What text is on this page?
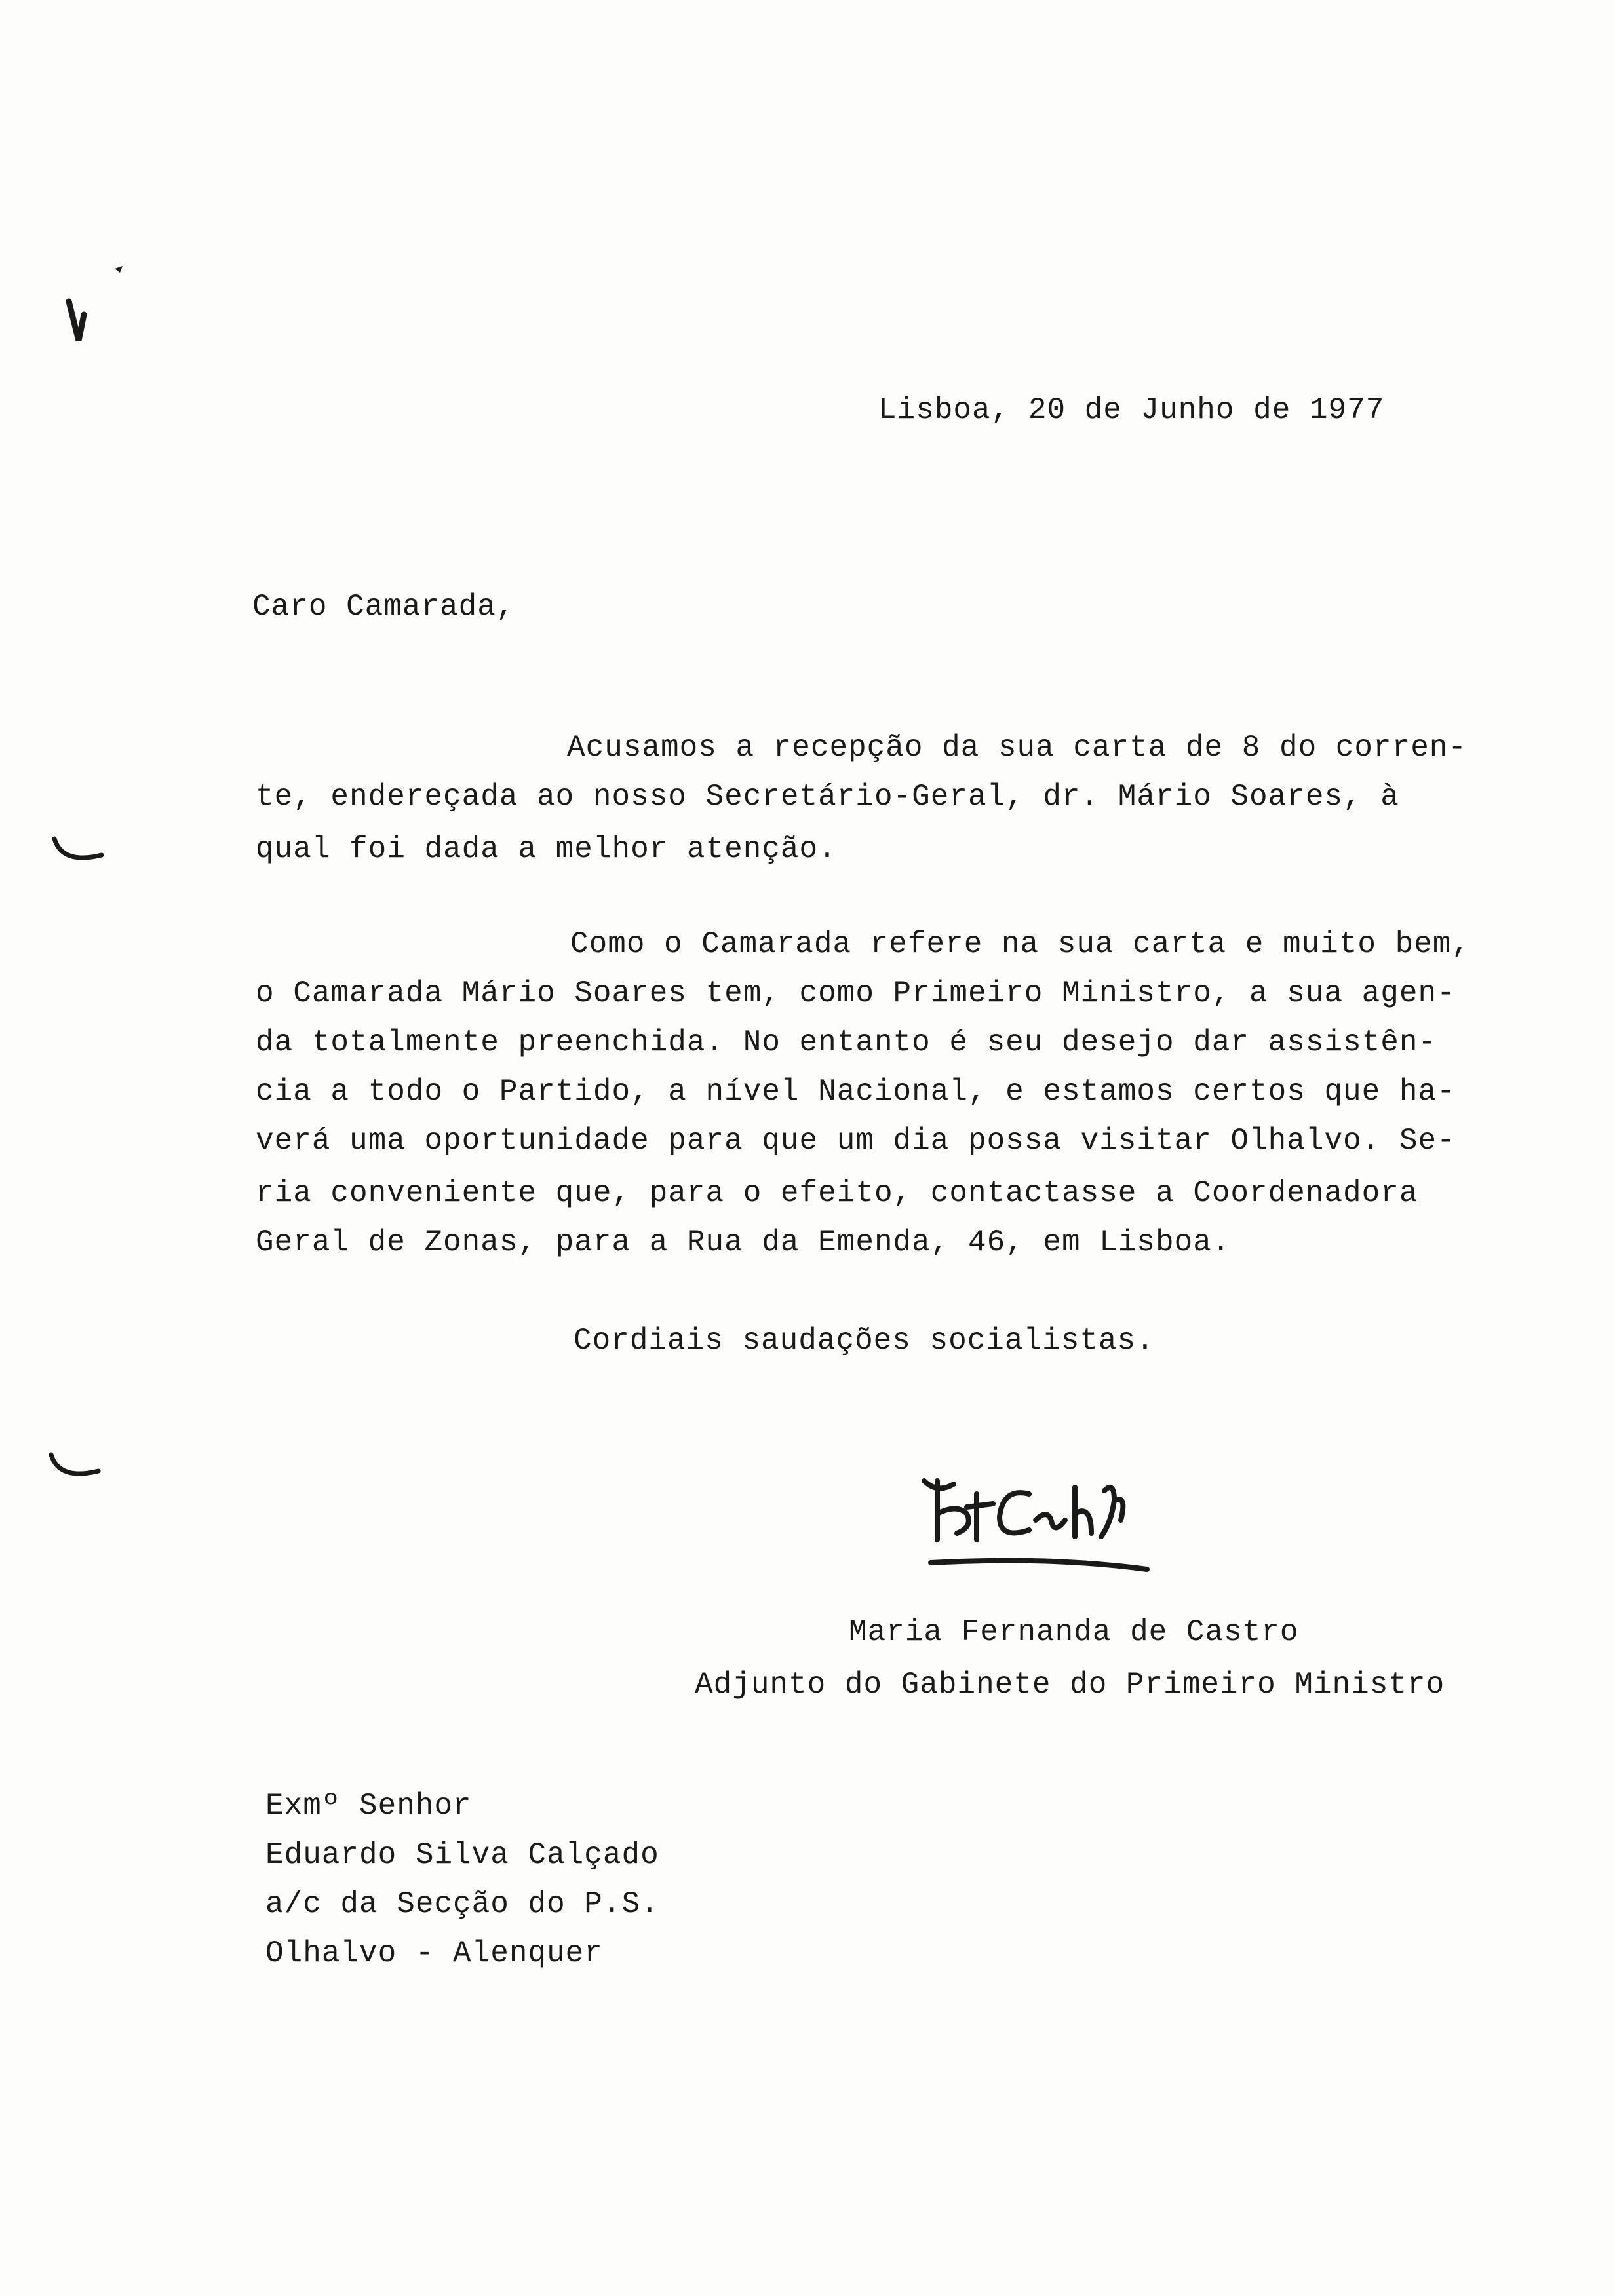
Lisboa, 20 de Junho de 1977
Caro Camarada,
Acusamos a recepção da sua carta de 8 do corren-
te, endereçada ao nosso Secretário-Geral, dr. Mário Soares, à
qual foi dada a melhor atenção.
Como o Camarada refere na sua carta e muito bem,
o Camarada Mário Soares tem, como Primeiro Ministro, a sua agen-
da totalmente preenchida. No entanto é seu desejo dar assistên-
cia a todo o Partido, a nível Nacional, e estamos certos que ha-
verá uma oportunidade para que um dia possa visitar Olhalvo. Se-
ria conveniente que, para o efeito, contactasse a Coordenadora
Geral de Zonas, para a Rua da Emenda, 46, em Lisboa.
Cordiais saudações socialistas.
Maria Fernanda de Castro
Adjunto do Gabinete do Primeiro Ministro
Exmº Senhor
Eduardo Silva Calçado
a/c da Secção do P.S.
Olhalvo - Alenquer
